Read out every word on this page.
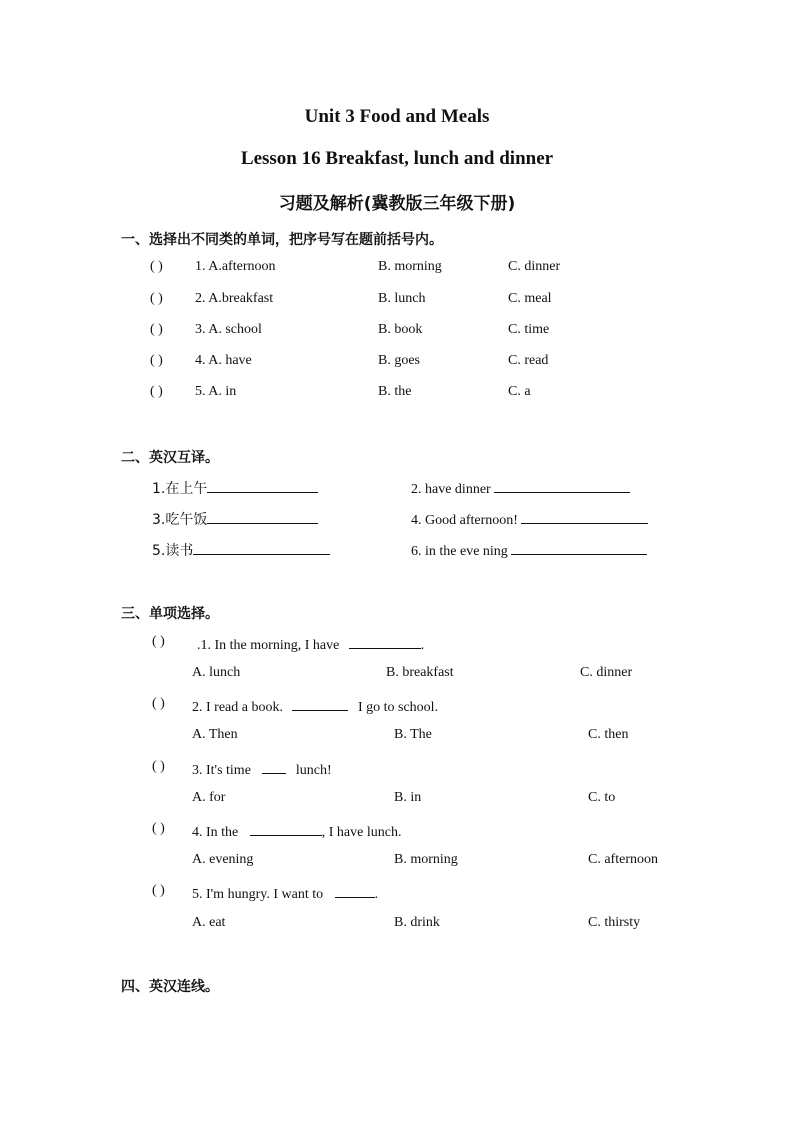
Unit 3 Food and Meals
Lesson 16 Breakfast, lunch and dinner
习题及解析(冀教版三年级下册)
一、选择出不同类的单词，把序号写在题前括号内。
( ) 1. A.afternoon	B. morning	C. dinner
( ) 2. A.breakfast	B. lunch	C. meal
( ) 3. A. school	B. book	C. time
( ) 4. A. have	B. goes	C. read
( ) 5. A. in	B. the	C. a
二、英汉互译。
1.在上午	2. have dinner
3.吃午饭	4. Good afternoon!
5.读书	6. in the eve ning
三、单项选择。
( ) .1. In the morning, I have	.
A. lunch	B. breakfast	C. dinner
( ) 2. I read a book.	I go to school.
A. Then	B. The	C. then
( ) 3. It's time	lunch!
A. for	B. in	C. to
( ) 4. In the	, I have lunch.
A. evening	B. morning	C. afternoon
( ) 5. I'm hungry. I want to	.
A. eat	B. drink	C. thirsty
四、英汉连线。
